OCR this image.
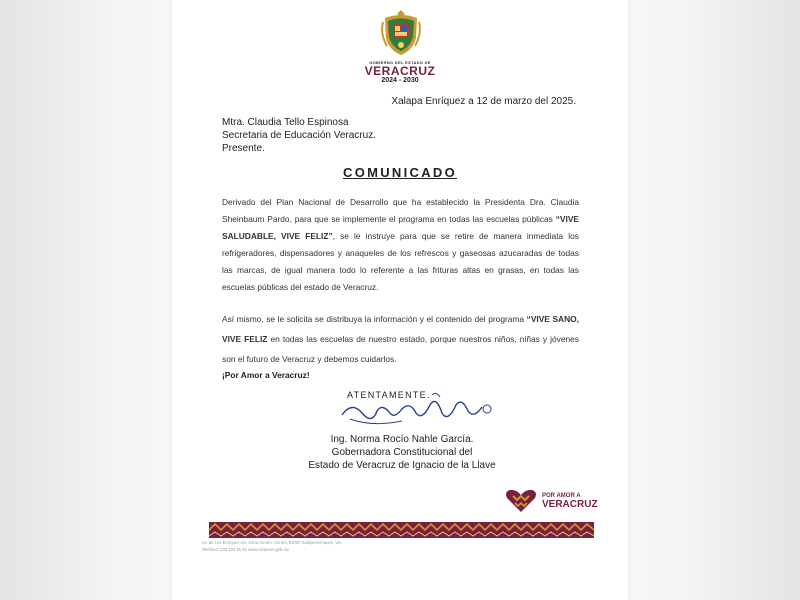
GOBIERNO DEL ESTADO DE
VERACRUZ
2024 - 2030
Xalapa Enríquez a 12 de marzo del 2025.
Mtra. Claudia Tello Espinosa
Secretaria de Educación Veracruz.
Presente.
COMUNICADO
Derivado del Plan Nacional de Desarrollo que ha establecido la Presidenta Dra. Claudia Sheinbaum Pardo, para que se implemente el programa en todas las escuelas públicas “VIVE SALUDABLE, VIVE FELIZ”, se le instruye para que se retire de manera inmediata los refrigeradores, dispensadores y anaqueles de los refrescos y gaseosas azucaradas de todas las marcas, de igual manera todo lo referente a las frituras altas en grasas, en todas las escuelas públicas del estado de Veracruz.
Así mismo, se le solicita se distribuya la información y el contenido del programa “VIVE SANO, VIVE FELIZ en todas las escuelas de nuestro estado, porque nuestros niños, niñas y jóvenes son el futuro de Veracruz y debemos cuidarlos.
¡Por Amor a Veracruz!
ATENTAMENTE.
Ing. Norma Rocío Nahle García.
Gobernadora Constitucional del
Estado de Veracruz de Ignacio de la Llave
POR AMOR A
VERACRUZ
Av. de Los Enríquez s/n, Zona Centro, Centro, 91000 Xalapa-Enríquez, Ver.
Teléfono: 228 101 91 81 www.veracruz.gob.mx
